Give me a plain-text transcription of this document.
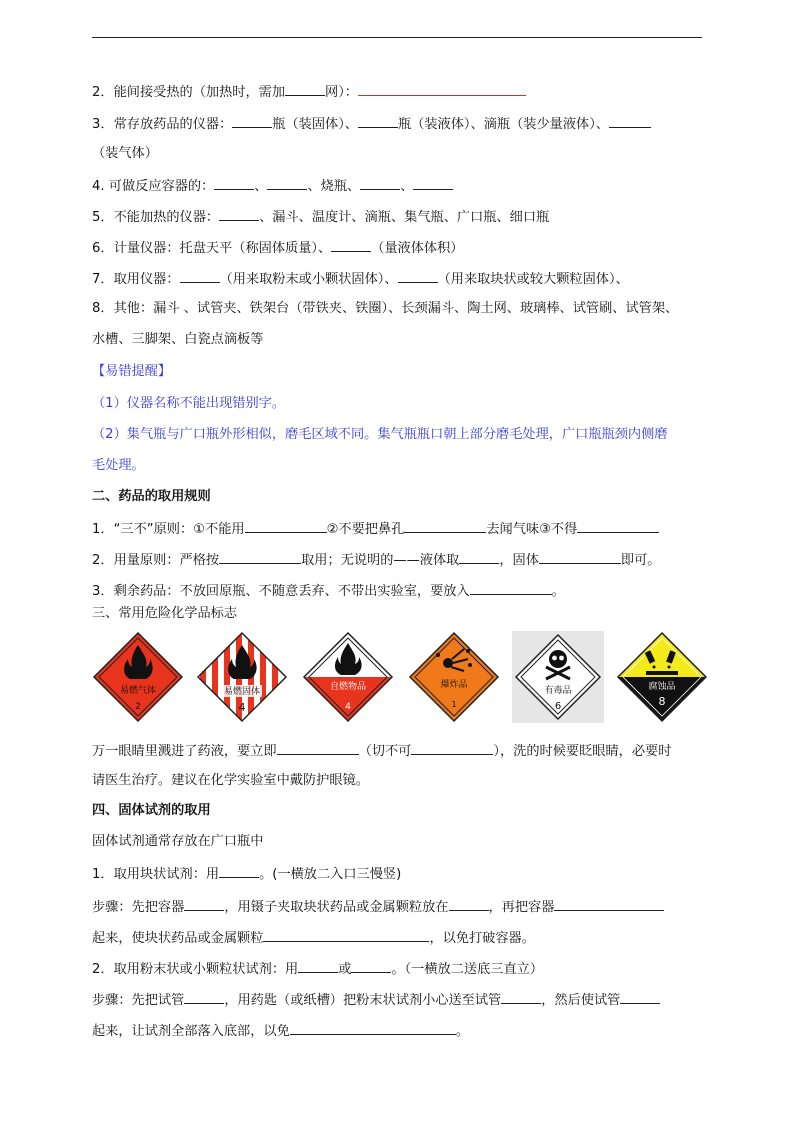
2．能间接受热的（加热时，需加	网）：
3．常存放药品的仪器：	瓶（装固体）、	瓶（装液体）、滴瓶（装少量液体）、
（装气体）
4. 可做反应容器的：	、	、烧瓶、	、
5．不能加热的仪器：	、漏斗、温度计、滴瓶、集气瓶、广口瓶、细口瓶
6．计量仪器：托盘天平（称固体质量）、	（量液体体积）
7．取用仪器：	（用来取粉末或小颗状固体）、	（用来取块状或较大颗粒固体）、
8．其他：漏斗 、试管夹、铁架台（带铁夹、铁圈）、长颈漏斗、陶土网、玻璃棒、试管刷、试管架、
水槽、三脚架、白瓷点滴板等
【易错提醒】
（1）仪器名称不能出现错别字。
（2）集气瓶与广口瓶外形相似，磨毛区域不同。集气瓶瓶口朝上部分磨毛处理，广口瓶瓶颈内侧磨
毛处理。
二、药品的取用规则
1．“三不”原则：①不能用	②不要把鼻孔	去闻气味③不得
2．用量原则：严格按	取用；无说明的——液体取	，固体	即可。
3．剩余药品：不放回原瓶、不随意丢弃、不带出实验室，要放入	。
三、常用危险化学品标志
易燃气体
2
易燃固体
4
自燃物品
4
爆炸品
1
有毒品
6
腐蚀品
8
万一眼睛里溅进了药液，要立即	（切不可	），洗的时候要眨眼睛，必要时
请医生治疗。建议在化学实验室中戴防护眼镜。
四、固体试剂的取用
固体试剂通常存放在广口瓶中
1．取用块状试剂：用	。(一横放二入口三慢竖)
步骤：先把容器	，用镊子夹取块状药品或金属颗粒放在	，再把容器
起来，使块状药品或金属颗粒	，以免打破容器。
2．取用粉末状或小颗粒状试剂：用	或	。（一横放二送底三直立）
步骤：先把试管	，用药匙（或纸槽）把粉末状试剂小心送至试管	，然后使试管
起来，让试剂全部落入底部，以免	。
